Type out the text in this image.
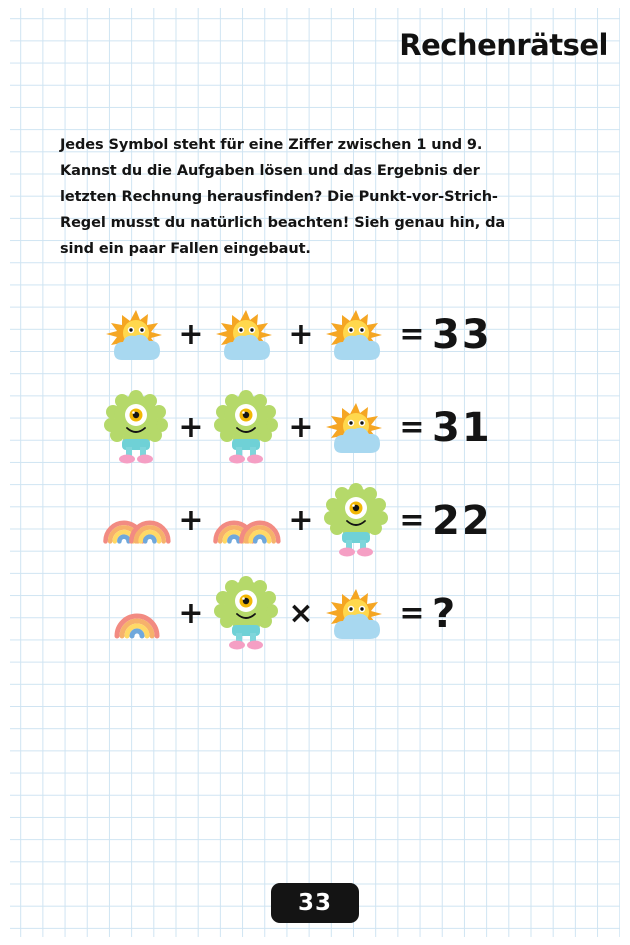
Rechenrätsel
Jedes Symbol steht für eine Ziffer zwischen 1 und 9. Kannst du die Aufgaben lösen und das Ergebnis der letzten Rechnung herausfinden? Die Punkt-vor-Strich-Regel musst du natürlich beachten! Sieh genau hin, da sind ein paar Fallen eingebaut.
+	+	= 33
+	+	= 31
+	+	= 22
+	×	= ?
33
